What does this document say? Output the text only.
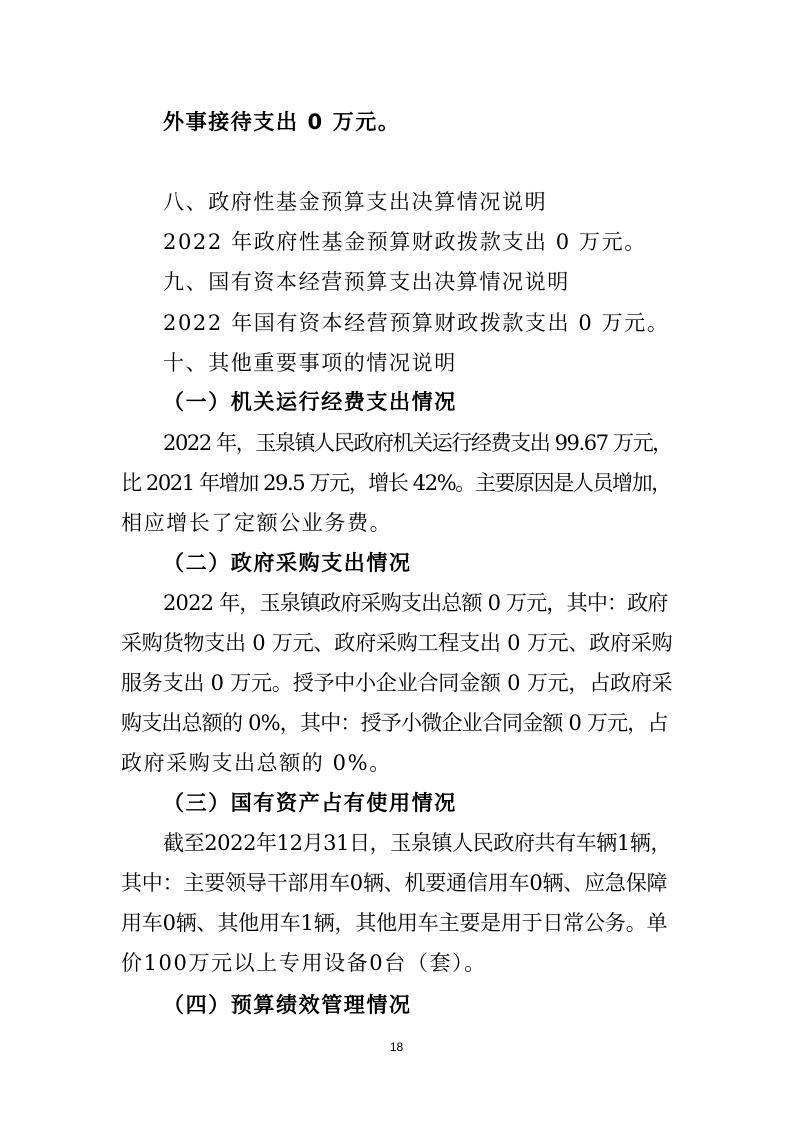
外事接待支出 0 万元。
八、政府性基金预算支出决算情况说明
2022 年政府性基金预算财政拨款支出 0 万元。
九、国有资本经营预算支出决算情况说明
2022 年国有资本经营预算财政拨款支出 0 万元。
十、其他重要事项的情况说明
（一）机关运行经费支出情况
2022 年，玉泉镇人民政府机关运行经费支出 99.67 万元，
比 2021 年增加 29.5 万元，增长 42%。主要原因是人员增加，
相应增长了定额公业务费。
（二）政府采购支出情况
2022 年，玉泉镇政府采购支出总额 0 万元，其中：政府
采购货物支出 0 万元、政府采购工程支出 0 万元、政府采购
服务支出 0 万元。授予中小企业合同金额 0 万元，占政府采
购支出总额的 0%，其中：授予小微企业合同金额 0 万元，占
政府采购支出总额的 0%。
（三）国有资产占有使用情况
截至2022年12月31日，玉泉镇人民政府共有车辆1辆，
其中：主要领导干部用车0辆、机要通信用车0辆、应急保障
用车0辆、其他用车1辆，其他用车主要是用于日常公务。单
价100万元以上专用设备0台（套）。
（四）预算绩效管理情况
18
